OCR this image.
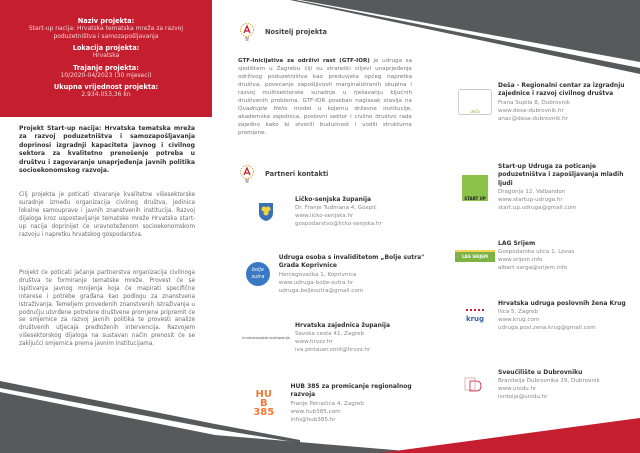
Naziv projekta:
Start-up nacija: Hrvatska tematska mreža za razvoj
poduzetništva i samozapošljavanja
Lokacija projekta:
Hrvatska
Trajanje projekta:
10/2020-04/2023 (30 mjeseci)
Ukupna vrijednost projekta:
2.934.053,36 kn
Projekt Start-up nacija: Hrvatska tematska mreža za razvoj poduzetništva i samozapošljavanja doprinosi izgradnji kapaciteta javnog i civilnog sektora za kvalitetno prenošenje potreba u društvu i zagovaranje unaprjeđenja javnih politika socioekonomskog razvoja.
Cilj projekta je poticati stvaranje kvalitetne višesektorske suradnje između organizacija civilnog društva, jedinica lokalne samouprave i javnih znanstvenih institucija. Razvoj dijaloga kroz uspostavljanje tematske mreže Hrvatska start-up nacija doprinijet će uravnoteženom socioekonomskom razvoju i napretku hrvatskog gospodarstva.
Projekt će poticati jačanje partnerstva organizacija civilnoga društva te formiranje tematske mreže. Provest će se ispitivanja javnog mnijenja koja će mapirati specifične interese i potrebe građana kao podlogu za znanstvena istraživanja. Temeljem provedenih znanstvenih istraživanja u području utvrđene potrebne društvene promjene pripremit će se smjernice za razvoj javnih politika te provesti analize društvenih utjecaja predloženih intervencija. Razvojem višesektorskog dijaloga na sustavan način prenosit će se zaključci smjernica prema javnim institucijama.
Nositelj projekta
GTF-Inicijativa za održivi rast (GTF-IOR) je udruga sa sjedištem u Zagrebu čiji su strateški ciljevi unaprjeđenje održivog poduzetništva kao preduvjeta općeg napretka društva, povećanje zapošljivosti marginaliziranih skupina i razvoj multisektorske suradnje u rješavanju ključnih društvenih problema. GTF-IOR poseban naglasak stavlja na Quadruple Helix model u kojemu državne institucije, akademska zajednica, poslovni sektor i civilno društvo rade zajedno kako bi stvorili budućnost i vodili strukturne promjene.
Partneri kontakti
Ličko-senjska županija
Dr. Franje Tuđmana 4, Gospić
www.licko-senjska.hr
gospodarstvo@licko-senjska.hr
bolje sutra
Udruga osoba s invaliditetom „Bolje sutra" Grada Koprivnice
Hercegovačka 1, Koprivnica
www.udruga-bolje-sutra.hr
udruga.boljesutra@gmail.com
hrvatskazajednicažupanija
Hrvatska zajednica županija
Savska cesta 41, Zagreb
www.hrvzz.hr
iva.pintauer.smit@hrvzz.hr
HUB 385
HUB 385 za promicanje regionalnog razvoja
Franje Petračića 4, Zagreb
www.hub385.com
info@hub385.hr
deša
Deša - Regionalni centar za izgradnju zajednice i razvoj civilnog društva
Frana Supila 8, Dubrovnik
www.desa-dubrovnik.hr
anac@desa-dubrovnik.hr
START UP
Start-up Udruga za poticanje poduzetništva i zapošljavanja mladih ljudi
Dragonja 12, Valbandon
www.startup-udruga.hr
start.up.udruga@gmail.com
LAG SRIJEM
LAG Srijem
Gospodarska ulica 1, Lovas
www.srijem.info
albert.varga@srijem.info
krug
Hrvatska udruga poslovnih žena Krug
Ilica 5, Zagreb
www.krug.com
udruga.posl.zena.krug@gmail.com
Sveučilište u Dubrovniku
Branitelja Dubrovnika 29, Dubrovnik
www.unidu.hr
ivrdolja@unidu.hr
